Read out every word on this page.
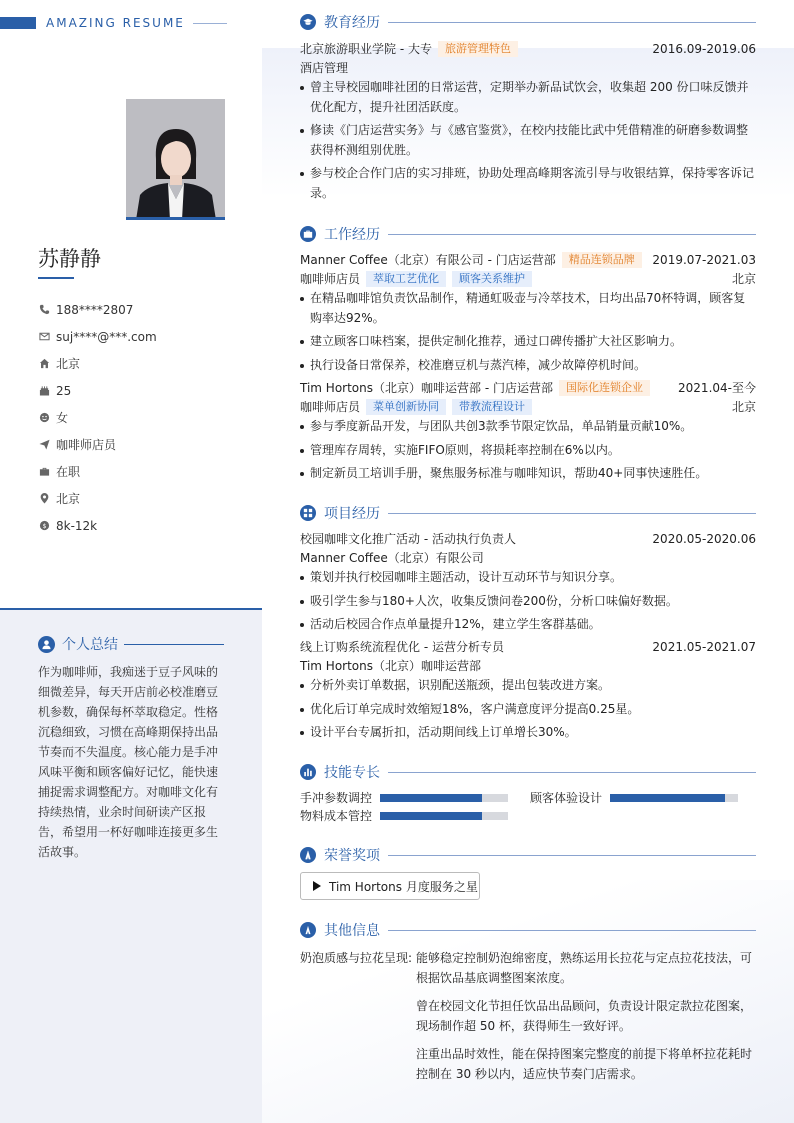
AMAZING RESUME
苏静静
188****2807
suj****@***.com
北京
25
女
咖啡师店员
在职
北京
$ 8k-12k
个人总结
作为咖啡师，我痴迷于豆子风味的细微差异，每天开店前必校准磨豆机参数，确保每杯萃取稳定。性格沉稳细致，习惯在高峰期保持出品节奏而不失温度。核心能力是手冲风味平衡和顾客偏好记忆，能快速捕捉需求调整配方。对咖啡文化有持续热情，业余时间研读产区报告，希望用一杯好咖啡连接更多生活故事。
教育经历
北京旅游职业学院 - 大专	旅游管理特色	2016.09-2019.06
酒店管理
曾主导校园咖啡社团的日常运营，定期举办新品试饮会，收集超 200 份口味反馈并优化配方，提升社团活跃度。
修读《门店运营实务》与《感官鉴赏》，在校内技能比武中凭借精准的研磨参数调整获得杯测组别优胜。
参与校企合作门店的实习排班，协助处理高峰期客流引导与收银结算，保持零客诉记录。
工作经历
Manner Coffee（北京）有限公司 - 门店运营部	精品连锁品牌	2019.07-2021.03
咖啡师店员	萃取工艺优化	顾客关系维护	北京
在精品咖啡馆负责饮品制作，精通虹吸壶与冷萃技术，日均出品70杯特调，顾客复购率达92%。
建立顾客口味档案，提供定制化推荐，通过口碑传播扩大社区影响力。
执行设备日常保养，校准磨豆机与蒸汽棒，减少故障停机时间。
Tim Hortons（北京）咖啡运营部 - 门店运营部	国际化连锁企业	2021.04-至今
咖啡师店员	菜单创新协同	带教流程设计	北京
参与季度新品开发，与团队共创3款季节限定饮品，单品销量贡献10%。
管理库存周转，实施FIFO原则，将损耗率控制在6%以内。
制定新员工培训手册，聚焦服务标准与咖啡知识，帮助40+同事快速胜任。
项目经历
校园咖啡文化推广活动 - 活动执行负责人	2020.05-2020.06
Manner Coffee（北京）有限公司
策划并执行校园咖啡主题活动，设计互动环节与知识分享。
吸引学生参与180+人次，收集反馈问卷200份，分析口味偏好数据。
活动后校园合作点单量提升12%，建立学生客群基础。
线上订购系统流程优化 - 运营分析专员	2021.05-2021.07
Tim Hortons（北京）咖啡运营部
分析外卖订单数据，识别配送瓶颈，提出包装改进方案。
优化后订单完成时效缩短18%，客户满意度评分提高0.25星。
设计平台专属折扣，活动期间线上订单增长30%。
技能专长
手冲参数调控	顾客体验设计
物料成本管控
荣誉奖项
Tim Hortons 月度服务之星
其他信息
奶泡质感与拉花呈现: 能够稳定控制奶泡绵密度，熟练运用长拉花与定点拉花技法，可根据饮品基底调整图案浓度。
曾在校园文化节担任饮品出品顾问，负责设计限定款拉花图案，现场制作超 50 杯，获得师生一致好评。
注重出品时效性，能在保持图案完整度的前提下将单杯拉花耗时控制在 30 秒以内，适应快节奏门店需求。
